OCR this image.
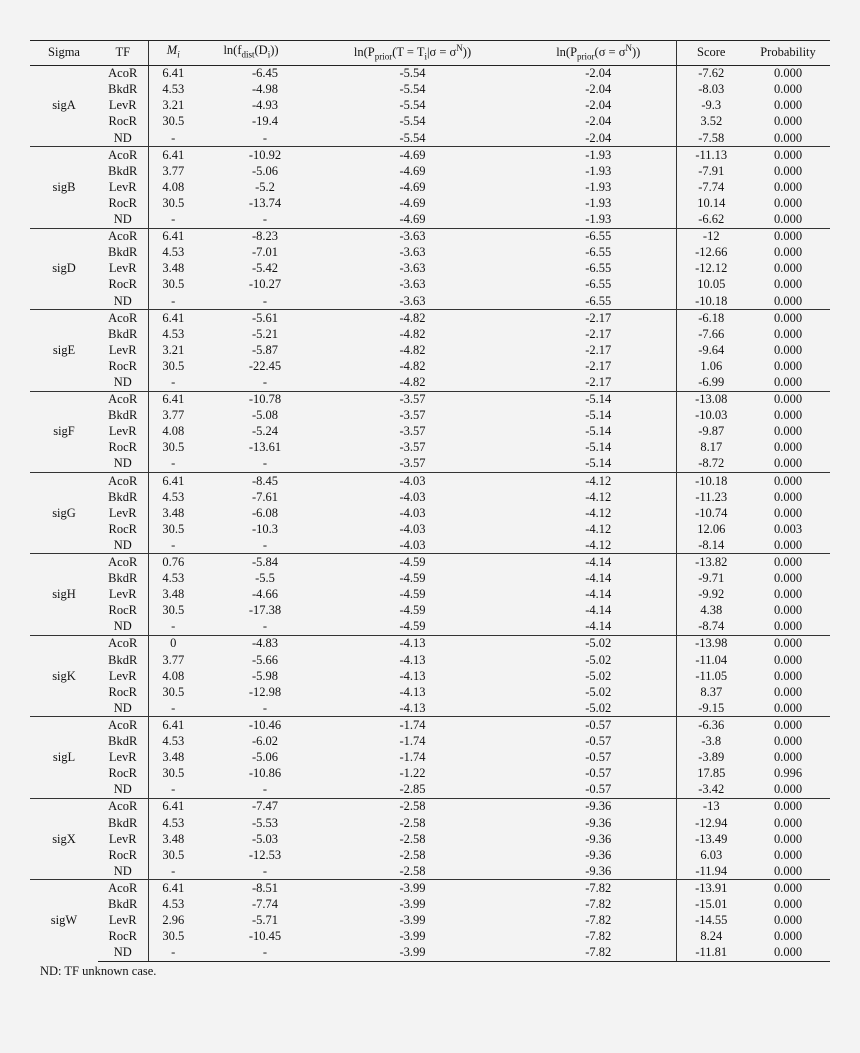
Sigma	TF	$M_i$	$\ln(f_{dist}(D_i))$	$\ln(P_{prior}(T = T_i|\sigma = \sigma^N))$	$\ln(P_{prior}(\sigma = \sigma^N))$	Score	Probability
sigA	AcoR	6.41	-6.45	-5.54	-2.04	-7.62	0.000
	BkdR	4.53	-4.98	-5.54	-2.04	-8.03	0.000
	LevR	3.21	-4.93	-5.54	-2.04	-9.3	0.000
	RocR	30.5	-19.4	-5.54	-2.04	3.52	0.000
	ND	-	-	-5.54	-2.04	-7.58	0.000
sigB	AcoR	6.41	-10.92	-4.69	-1.93	-11.13	0.000
	BkdR	3.77	-5.06	-4.69	-1.93	-7.91	0.000
	LevR	4.08	-5.2	-4.69	-1.93	-7.74	0.000
	RocR	30.5	-13.74	-4.69	-1.93	10.14	0.000
	ND	-	-	-4.69	-1.93	-6.62	0.000
sigD	AcoR	6.41	-8.23	-3.63	-6.55	-12	0.000
	BkdR	4.53	-7.01	-3.63	-6.55	-12.66	0.000
	LevR	3.48	-5.42	-3.63	-6.55	-12.12	0.000
	RocR	30.5	-10.27	-3.63	-6.55	10.05	0.000
	ND	-	-	-3.63	-6.55	-10.18	0.000
sigE	AcoR	6.41	-5.61	-4.82	-2.17	-6.18	0.000
	BkdR	4.53	-5.21	-4.82	-2.17	-7.66	0.000
	LevR	3.21	-5.87	-4.82	-2.17	-9.64	0.000
	RocR	30.5	-22.45	-4.82	-2.17	1.06	0.000
	ND	-	-	-4.82	-2.17	-6.99	0.000
sigF	AcoR	6.41	-10.78	-3.57	-5.14	-13.08	0.000
	BkdR	3.77	-5.08	-3.57	-5.14	-10.03	0.000
	LevR	4.08	-5.24	-3.57	-5.14	-9.87	0.000
	RocR	30.5	-13.61	-3.57	-5.14	8.17	0.000
	ND	-	-	-3.57	-5.14	-8.72	0.000
sigG	AcoR	6.41	-8.45	-4.03	-4.12	-10.18	0.000
	BkdR	4.53	-7.61	-4.03	-4.12	-11.23	0.000
	LevR	3.48	-6.08	-4.03	-4.12	-10.74	0.000
	RocR	30.5	-10.3	-4.03	-4.12	12.06	0.003
	ND	-	-	-4.03	-4.12	-8.14	0.000
sigH	AcoR	0.76	-5.84	-4.59	-4.14	-13.82	0.000
	BkdR	4.53	-5.5	-4.59	-4.14	-9.71	0.000
	LevR	3.48	-4.66	-4.59	-4.14	-9.92	0.000
	RocR	30.5	-17.38	-4.59	-4.14	4.38	0.000
	ND	-	-	-4.59	-4.14	-8.74	0.000
sigK	AcoR	0	-4.83	-4.13	-5.02	-13.98	0.000
	BkdR	3.77	-5.66	-4.13	-5.02	-11.04	0.000
	LevR	4.08	-5.98	-4.13	-5.02	-11.05	0.000
	RocR	30.5	-12.98	-4.13	-5.02	8.37	0.000
	ND	-	-	-4.13	-5.02	-9.15	0.000
sigL	AcoR	6.41	-10.46	-1.74	-0.57	-6.36	0.000
	BkdR	4.53	-6.02	-1.74	-0.57	-3.8	0.000
	LevR	3.48	-5.06	-1.74	-0.57	-3.89	0.000
	RocR	30.5	-10.86	-1.22	-0.57	17.85	0.996
	ND	-	-	-2.85	-0.57	-3.42	0.000
sigX	AcoR	6.41	-7.47	-2.58	-9.36	-13	0.000
	BkdR	4.53	-5.53	-2.58	-9.36	-12.94	0.000
	LevR	3.48	-5.03	-2.58	-9.36	-13.49	0.000
	RocR	30.5	-12.53	-2.58	-9.36	6.03	0.000
	ND	-	-	-2.58	-9.36	-11.94	0.000
sigW	AcoR	6.41	-8.51	-3.99	-7.82	-13.91	0.000
	BkdR	4.53	-7.74	-3.99	-7.82	-15.01	0.000
	LevR	2.96	-5.71	-3.99	-7.82	-14.55	0.000
	RocR	30.5	-10.45	-3.99	-7.82	8.24	0.000
	ND	-	-	-3.99	-7.82	-11.81	0.000
ND: TF unknown case.
